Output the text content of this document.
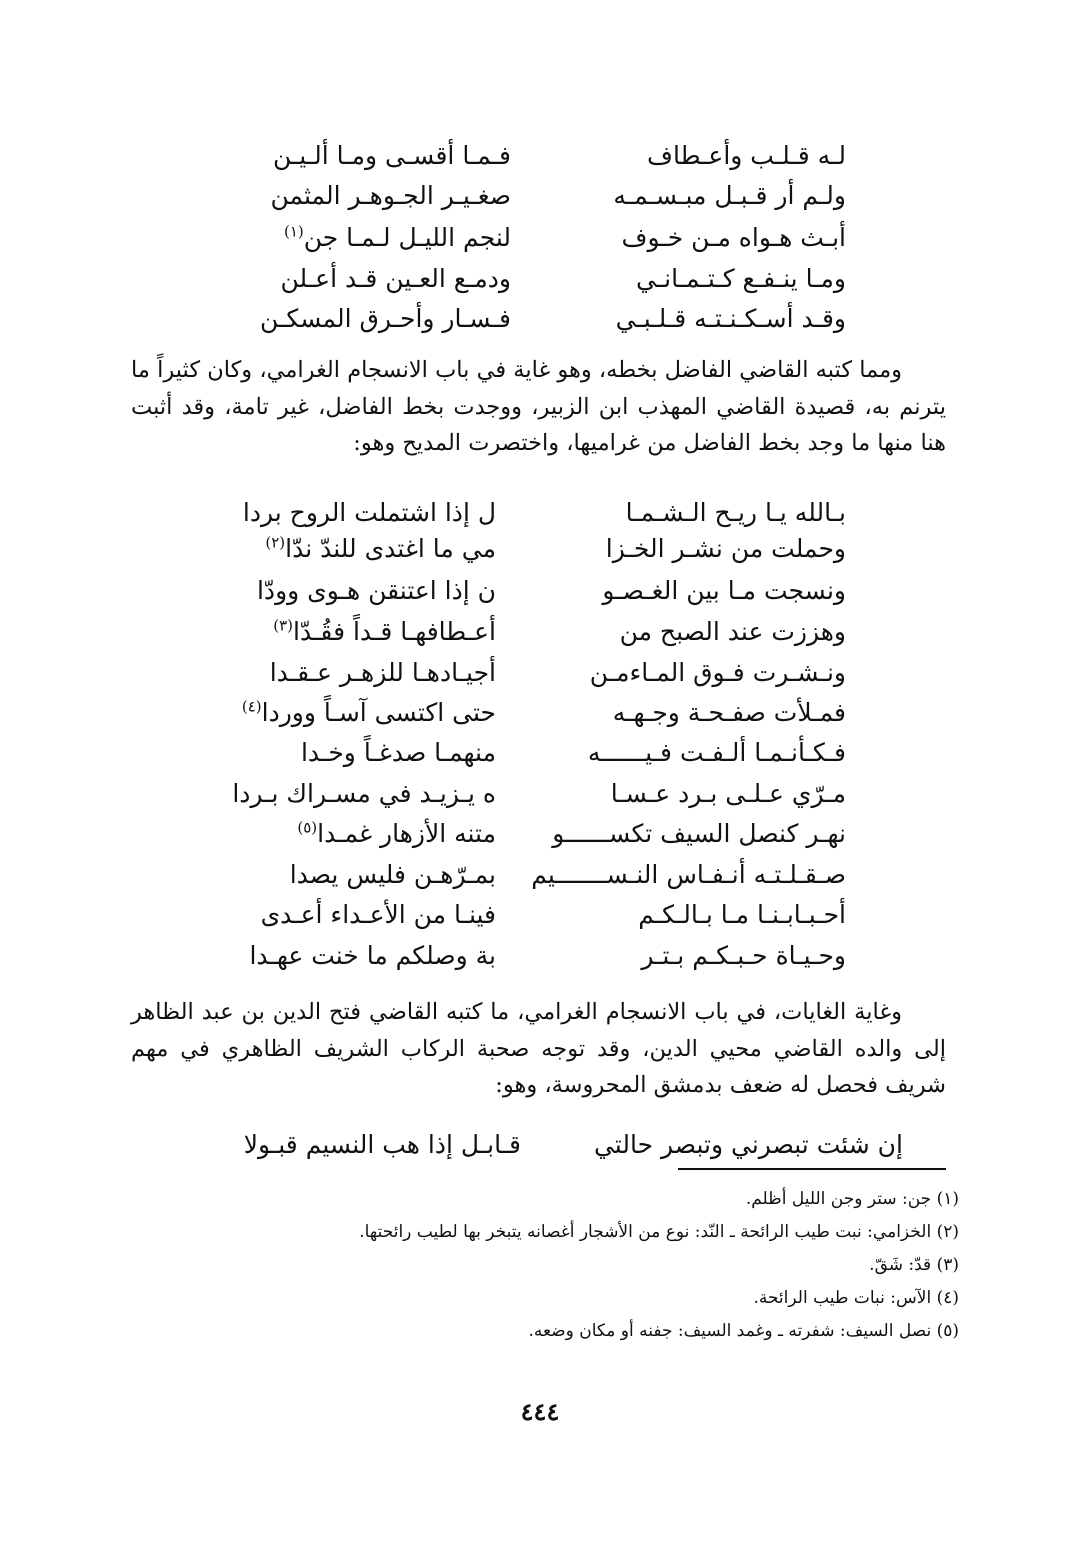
لـه قـلـب وأعـطاف
فـمـا أقسـى ومـا ألـيـن
ولـم أر قـبـل مبـسـمـه
صغـيـر الجـوهـر المثمن
أبـث هـواه مـن خـوف
لنجم الليـل لـمـا جن$^{(١)}$
ومـا ينـفـع كـتـمـانـي
ودمـع العـين قـد أعـلن
وقـد أسـكـنـتـه قـلـبـي
فـسـار وأحـرق المسكـن

ومما كتبه القاضي الفاضل بخطه، وهو غاية في باب الانسجام الغرامي، وكان كثيراً ما يترنم به، قصيدة القاضي المهذب ابن الزبير، ووجدت بخط الفاضل، غير تامة، وقد أثبت هنا منها ما وجد بخط الفاضل من غراميها، واختصرت المديح وهو:

بـالله يـا ريـح الـشـمـا
ل إذا اشتملت الروح بردا
وحملت من نشـر الخـزا
مي ما اغتدى للندّ ندّا$^{(٢)}$
ونسجت مـا بين الغـصـو
ن إذا اعتنقن هـوى وودّا
وهززت عند الصبح من
أعـطافهـا قـداً فقُـدّا$^{(٣)}$
ونـشـرت فـوق المـاءمـن
أجيـادهـا للزهـر عـقـدا
فمـلأت صفـحـة وجـهـه
حتى اكتسى آسـاً ووردا$^{(٤)}$
فـكـأنـمـا ألـفـت فـيــــــه
منهمـا صدغـاً وخـدا
مـرّي عـلـى بـرد عـسـا
ه يـزيـد في مسـراك بـردا
نهـر كنصل السيف تكســــــو
متنه الأزهار غمـدا$^{(٥)}$
صـقـلـتـه أنـفـاس النـســـــــيم
بمـرّهـن فليس يصدا
أحـبـابـنـا مـا بـالـكـم
فينـا من الأعـداء أعـدى
وحـيـاة حـبـكـم بـتـر
بة وصلكم ما خنت عهـدا

وغاية الغايات، في باب الانسجام الغرامي، ما كتبه القاضي فتح الدين بن عبد الظاهر إلى والده القاضي محيي الدين، وقد توجه صحبة الركاب الشريف الظاهري في مهم شريف فحصل له ضعف بدمشق المحروسة، وهو:

إن شئت تبصرني وتبصر حالتي
قـابـل إذا هب النسيم قبـولا
(١) جن: ستر وجن الليل أظلم.
(٢) الخزامي: نبت طيب الرائحة ـ النّد: نوع من الأشجار أغصانه يتبخر بها لطيب رائحتها.
(٣) قدّ: شَقّ.
(٤) الآس: نبات طيب الرائحة.
(٥) نصل السيف: شفرته ـ وغمد السيف: جفنه أو مكان وضعه.
٤٤٤
